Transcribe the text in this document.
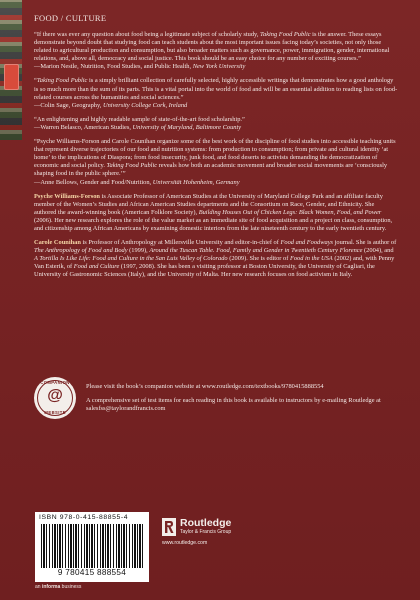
FOOD / CULTURE
“If there was ever any question about food being a legitimate subject of scholarly study, Taking Food Public is the answer. These essays demonstrate beyond doubt that studying food can teach students about the most important issues facing today’s societies, not only those related to agricultural production and consumption, but also broader matters such as governance, power, immigration, gender, international relations, and, above all, democracy and social justice. This book should be an easy choice for any number of exciting courses.”
—Marion Nestle, Nutrition, Food Studies, and Public Health, New York University
“Taking Food Public is a simply brilliant collection of carefully selected, highly accessible writings that demonstrates how a good anthology is so much more than the sum of its parts. This is a vital portal into the world of food and will be an essential addition to reading lists on food-related courses across the humanities and social sciences.”
—Colin Sage, Geography, University College Cork, Ireland
“An enlightening and highly readable sample of state-of-the-art food scholarship.”
—Warren Belasco, American Studies, University of Maryland, Baltimore County
“Psyche Williams-Forson and Carole Counihan organize some of the best work of the discipline of food studies into accessible teaching units that represent diverse trajectories of our food and nutrition systems: from production to consumption; from private and cultural identity ‘at home’ to the implications of Diaspora; from food insecurity, junk food, and food deserts to activists demanding the democratization of economic and social policy. Taking Food Public reveals how both an academic movement and broader social movements are ‘consciously shaping food in the public sphere.’”
—Anne Bellows, Gender and Food/Nutrition, Universität Hohenheim, Germany
Psyche Williams-Forson is Associate Professor of American Studies at the University of Maryland College Park and an affiliate faculty member of the Women’s Studies and African American Studies departments and the Consortium on Race, Gender, and Ethnicity. She authored the award-winning book (American Folklore Society), Building Houses Out of Chicken Legs: Black Women, Food, and Power (2006). Her new research explores the role of the value market as an immediate site of food acquisition and a project on class, consumption, and citizenship among African Americans by examining domestic interiors from the late nineteenth century to the early twentieth century.
Carole Counihan is Professor of Anthropology at Millersville University and editor-in-chief of Food and Foodways journal. She is author of The Anthropology of Food and Body (1999), Around the Tuscan Table. Food, Family and Gender in Twentieth Century Florence (2004), and A Tortilla Is Like Life: Food and Culture in the San Luis Valley of Colorado (2009). She is editor of Food in the USA (2002) and, with Penny Van Esterik, of Food and Culture (1997, 2008). She has been a visiting professor at Boston University, the University of Cagliari, the University of Gastronomic Sciences (Italy), and the University of Malta. Her new research focuses on food activism in Italy.
COMPANION
@
WEBSITE

Please visit the book’s companion website at www.routledge.com/textbooks/9780415888554

A comprehensive set of test items for each reading in this book is available to instructors by e-mailing Routledge at salesfss@taylorandfrancis.com

ISBN 978-0-415-88855-4
9 780415 888554
an informa business
Routledge
Taylor & Francis Group
www.routledge.com
